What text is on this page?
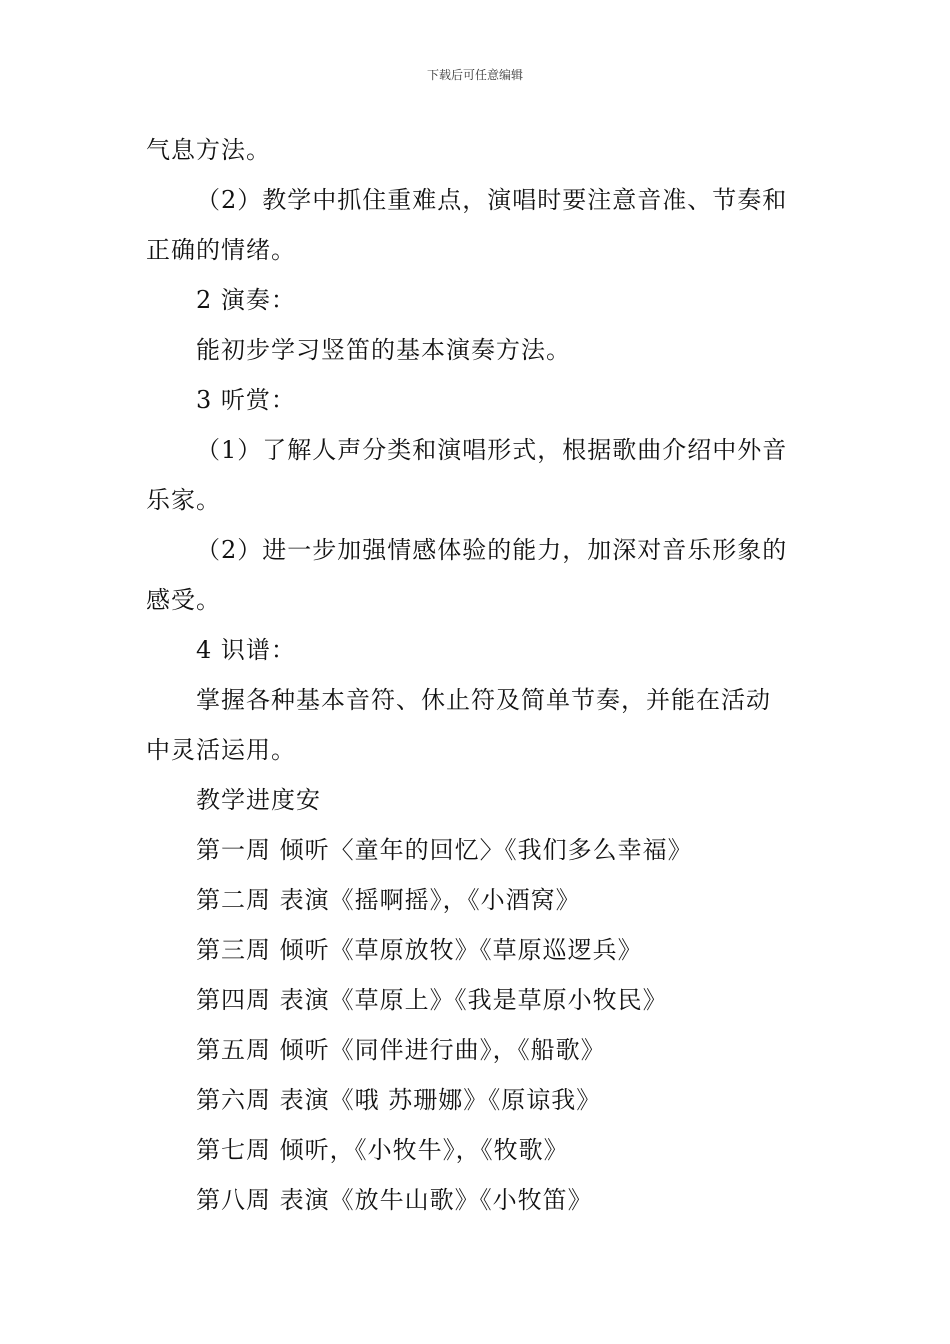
下载后可任意编辑
气息方法。
（2）教学中抓住重难点，演唱时要注意音准、节奏和
正确的情绪。
2 演奏：
能初步学习竖笛的基本演奏方法。
3 听赏：
（1）了解人声分类和演唱形式，根据歌曲介绍中外音
乐家。
（2）进一步加强情感体验的能力，加深对音乐形象的
感受。
4 识谱：
掌握各种基本音符、休止符及简单节奏，并能在活动
中灵活运用。
教学进度安
第一周 倾听〈童年的回忆〉《我们多么幸福》
第二周 表演《摇啊摇》，《小酒窝》
第三周 倾听《草原放牧》《草原巡逻兵》
第四周 表演《草原上》《我是草原小牧民》
第五周 倾听《同伴进行曲》，《船歌》
第六周 表演《哦 苏珊娜》《原谅我》
第七周 倾听，《小牧牛》，《牧歌》
第八周 表演《放牛山歌》《小牧笛》
